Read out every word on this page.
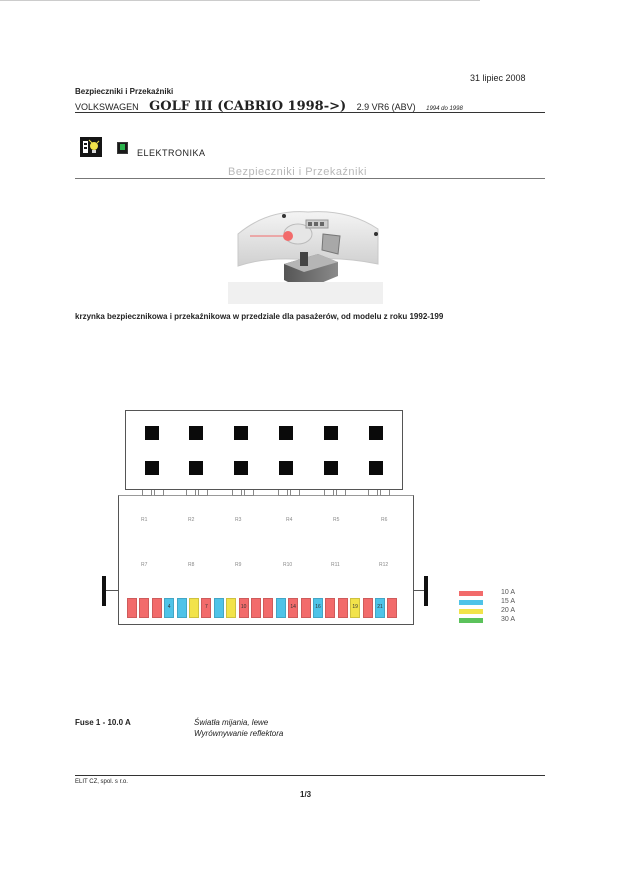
31 lipiec 2008
Bezpieczniki i Przekaźniki
VOLKSWAGEN GOLF III (CABRIO 1998->) 2.9 VR6 (ABV) 1994 do 1998
ELEKTRONIKA
Bezpieczniki i Przekaźniki
krzynka bezpiecznikowa i przekaźnikowa w przedziale dla pasażerów, od modelu z roku 1992-199
R1	R2	R3	R4	R5	R6
R7	R8	R9	R10	R11	R12
4	7	10	14	16	19	21
10 A
15 A
20 A
30 A
Fuse 1 - 10.0 A	Światła mijania, lewe
Wyrównywanie reflektora
ELIT CZ, spol. s r.o.
1/3
